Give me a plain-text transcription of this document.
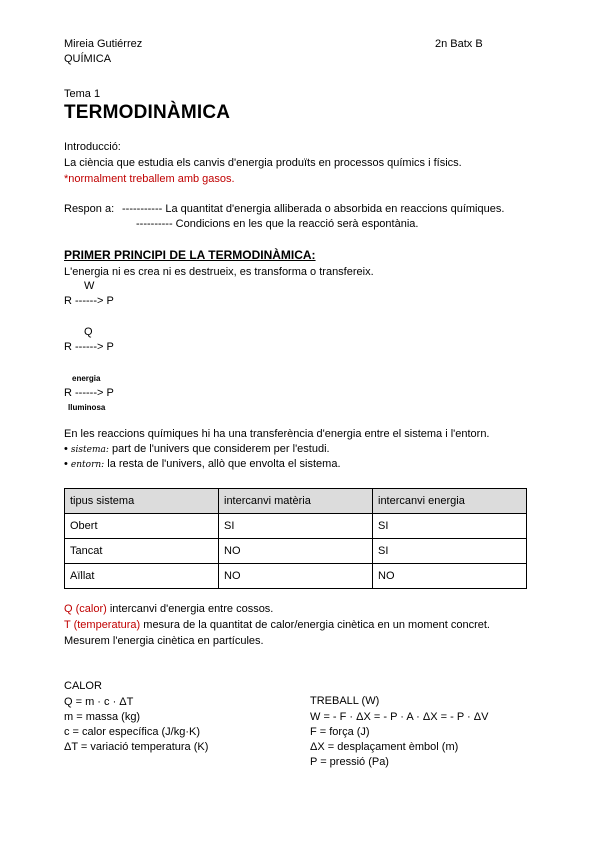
Mireia Gutiérrez	2n Batx B
QUÍMICA
Tema 1
TERMODINÀMICA
Introducció:
La ciència que estudia els canvis d'energia produïts en processos químics i físics.
*normalment treballem amb gasos.
Respon a: ----------- La quantitat d'energia alliberada o absorbida en reaccions químiques.
---------- Condicions en les que la reacció serà espontània.
PRIMER PRINCIPI DE LA TERMODINÀMICA:
L'energia ni es crea ni es destrueix, es transforma o transfereix.
W
R ------> P
Q
R ------> P
energia
R ------> P
lluminosa
En les reaccions químiques hi ha una transferència d'energia entre el sistema i l'entorn.
• sistema: part de l'univers que considerem per l'estudi.
• entorn: la resta de l'univers, allò que envolta el sistema.
tipus sistema	intercanvi matèria	intercanvi energia
Obert	SI	SI
Tancat	NO	SI
Aïllat	NO	NO
Q (calor) intercanvi d'energia entre cossos.
T (temperatura) mesura de la quantitat de calor/energia cinètica en un moment concret.
Mesurem l'energia cinètica en partícules.
CALOR
Q = m · c · ΔT
m = massa (kg)
c = calor específica (J/kg·K)
ΔT = variació temperatura (K)
TREBALL (W)
W = - F · ΔX = - P · A · ΔX = - P · ΔV
F = força (J)
ΔX = desplaçament èmbol (m)
P = pressió (Pa)
